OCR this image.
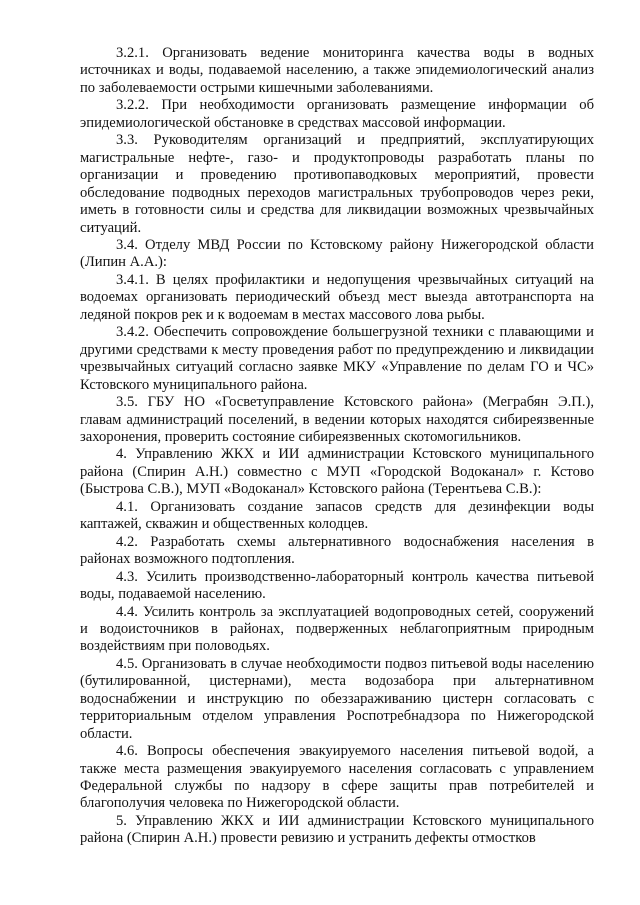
3.2.1. Организовать ведение мониторинга качества воды в водных источниках и воды, подаваемой населению, а также эпидемиологический анализ по заболеваемости острыми кишечными заболеваниями.

3.2.2. При необходимости организовать размещение информации об эпидемиологической обстановке в средствах массовой информации.

3.3. Руководителям организаций и предприятий, эксплуатирующих магистральные нефте-, газо- и продуктопроводы разработать планы по организации и проведению противопаводковых мероприятий, провести обследование подводных переходов магистральных трубопроводов через реки, иметь в готовности силы и средства для ликвидации возможных чрезвычайных ситуаций.

3.4. Отделу МВД России по Кстовскому району Нижегородской области (Липин А.А.):

3.4.1. В целях профилактики и недопущения чрезвычайных ситуаций на водоемах организовать периодический объезд мест выезда автотранспорта на ледяной покров рек и к водоемам в местах массового лова рыбы.

3.4.2. Обеспечить сопровождение большегрузной техники с плавающими и другими средствами к месту проведения работ по предупреждению и ликвидации чрезвычайных ситуаций согласно заявке МКУ «Управление по делам ГО и ЧС» Кстовского муниципального района.

3.5. ГБУ НО «Госветуправление Кстовского района» (Меграбян Э.П.), главам администраций поселений, в ведении которых находятся сибиреязвенные захоронения, проверить состояние сибиреязвенных скотомогильников.

4. Управлению ЖКХ и ИИ администрации Кстовского муниципального района (Спирин А.Н.) совместно с МУП «Городской Водоканал» г. Кстово (Быстрова С.В.), МУП «Водоканал» Кстовского района (Терентьева С.В.):

4.1. Организовать создание запасов средств для дезинфекции воды каптажей, скважин и общественных колодцев.

4.2. Разработать схемы альтернативного водоснабжения населения в районах возможного подтопления.

4.3. Усилить производственно-лабораторный контроль качества питьевой воды, подаваемой населению.

4.4. Усилить контроль за эксплуатацией водопроводных сетей, сооружений и водоисточников в районах, подверженных неблагоприятным природным воздействиям при половодьях.

4.5. Организовать в случае необходимости подвоз питьевой воды населению (бутилированной, цистернами), места водозабора при альтернативном водоснабжении и инструкцию по обеззараживанию цистерн согласовать с территориальным отделом управления Роспотребнадзора по Нижегородской области.

4.6. Вопросы обеспечения эвакуируемого населения питьевой водой, а также места размещения эвакуируемого населения согласовать с управлением Федеральной службы по надзору в сфере защиты прав потребителей и благополучия человека по Нижегородской области.

5. Управлению ЖКХ и ИИ администрации Кстовского муниципального района (Спирин А.Н.) провести ревизию и устранить дефекты отмостков
